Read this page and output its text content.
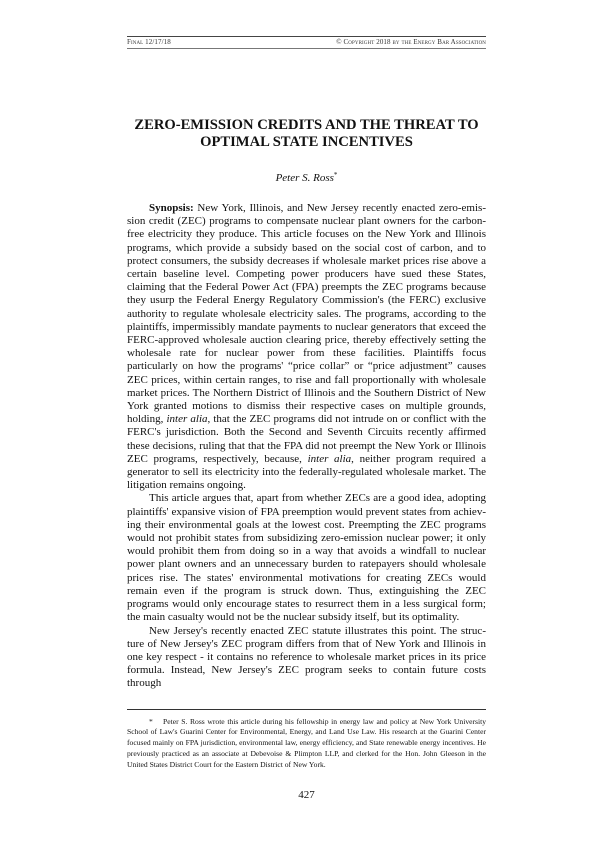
Final 12/17/18	© Copyright 2018 by the Energy Bar Association
ZERO-EMISSION CREDITS AND THE THREAT TO
OPTIMAL STATE INCENTIVES
Peter S. Ross*

Synopsis: New York, Illinois, and New Jersey recently enacted zero-emission credit (ZEC) programs to compensate nuclear plant owners for the carbon-free electricity they produce. This article focuses on the New York and Illinois programs, which provide a subsidy based on the social cost of carbon, and to protect consumers, the subsidy decreases if wholesale market prices rise above a certain baseline level. Competing power producers have sued these States, claiming that the Federal Power Act (FPA) preempts the ZEC programs because they usurp the Federal Energy Regulatory Commission's (the FERC) exclusive authority to regulate wholesale electricity sales. The programs, according to the plaintiffs, impermissibly mandate payments to nuclear generators that exceed the FERC-approved wholesale auction clearing price, thereby effectively setting the wholesale rate for nuclear power from these facilities. Plaintiffs focus particularly on how the programs' “price collar” or “price adjustment” causes ZEC prices, within certain ranges, to rise and fall proportionally with wholesale market prices. The Northern District of Illinois and the Southern District of New York granted motions to dismiss their respective cases on multiple grounds, holding, inter alia, that the ZEC programs did not intrude on or conflict with the FERC's jurisdiction. Both the Second and Seventh Circuits recently affirmed these decisions, ruling that that the FPA did not preempt the New York or Illinois ZEC programs, respectively, because, inter alia, neither program required a generator to sell its electricity into the federally-regulated wholesale market. The litigation remains ongoing.

This article argues that, apart from whether ZECs are a good idea, adopting plaintiffs' expansive vision of FPA preemption would prevent states from achieving their environmental goals at the lowest cost. Preempting the ZEC programs would not prohibit states from subsidizing zero-emission nuclear power; it only would prohibit them from doing so in a way that avoids a windfall to nuclear power plant owners and an unnecessary burden to ratepayers should wholesale prices rise. The states' environmental motivations for creating ZECs would remain even if the program is struck down. Thus, extinguishing the ZEC programs would only encourage states to resurrect them in a less surgical form; the main casualty would not be the nuclear subsidy itself, but its optimality.

New Jersey's recently enacted ZEC statute illustrates this point. The structure of New Jersey's ZEC program differs from that of New York and Illinois in one key respect - it contains no reference to wholesale market prices in its price formula. Instead, New Jersey's ZEC program seeks to contain future costs through

* Peter S. Ross wrote this article during his fellowship in energy law and policy at New York University School of Law's Guarini Center for Environmental, Energy, and Land Use Law. His research at the Guarini Center focused mainly on FPA jurisdiction, environmental law, energy efficiency, and State renewable energy incentives. He previously practiced as an associate at Debevoise & Plimpton LLP, and clerked for the Hon. John Gleeson in the United States District Court for the Eastern District of New York.

427
